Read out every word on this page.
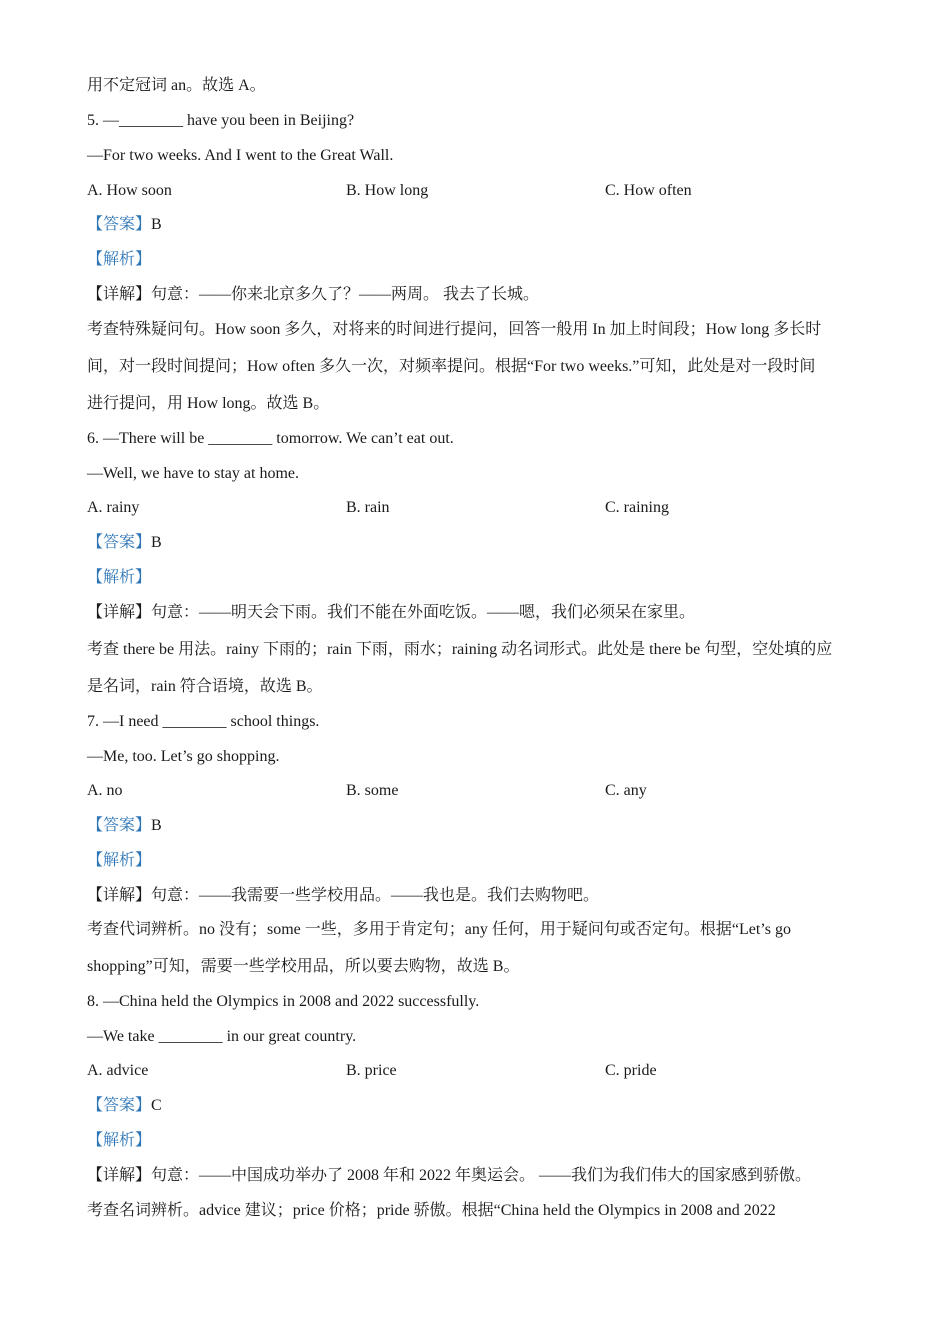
用不定冠词 an。故选 A。
5. —________ have you been in Beijing?
—For two weeks. And I went to the Great Wall.
A. How soon	B. How long	C. How often
【答案】B
【解析】
【详解】句意：——你来北京多久了？——两周。 我去了长城。
考查特殊疑问句。How soon 多久，对将来的时间进行提问，回答一般用 In 加上时间段；How long 多长时
间，对一段时间提问；How often 多久一次，对频率提问。根据“For two weeks.”可知，此处是对一段时间
进行提问，用 How long。故选 B。
6. —There will be ________ tomorrow. We can’t eat out.
—Well, we have to stay at home.
A. rainy	B. rain	C. raining
【答案】B
【解析】
【详解】句意：——明天会下雨。我们不能在外面吃饭。——嗯，我们必须呆在家里。
考查 there be 用法。rainy 下雨的；rain 下雨，雨水；raining 动名词形式。此处是 there be 句型，空处填的应
是名词，rain 符合语境，故选 B。
7. —I need ________ school things.
—Me, too. Let’s go shopping.
A. no	B. some	C. any
【答案】B
【解析】
【详解】句意：——我需要一些学校用品。——我也是。我们去购物吧。
考查代词辨析。no 没有；some 一些，多用于肯定句；any 任何，用于疑问句或否定句。根据“Let’s go
shopping”可知，需要一些学校用品，所以要去购物，故选 B。
8. —China held the Olympics in 2008 and 2022 successfully.
—We take ________ in our great country.
A. advice	B. price	C. pride
【答案】C
【解析】
【详解】句意：——中国成功举办了 2008 年和 2022 年奥运会。 ——我们为我们伟大的国家感到骄傲。
考查名词辨析。advice 建议；price 价格；pride 骄傲。根据“China held the Olympics in 2008 and 2022
